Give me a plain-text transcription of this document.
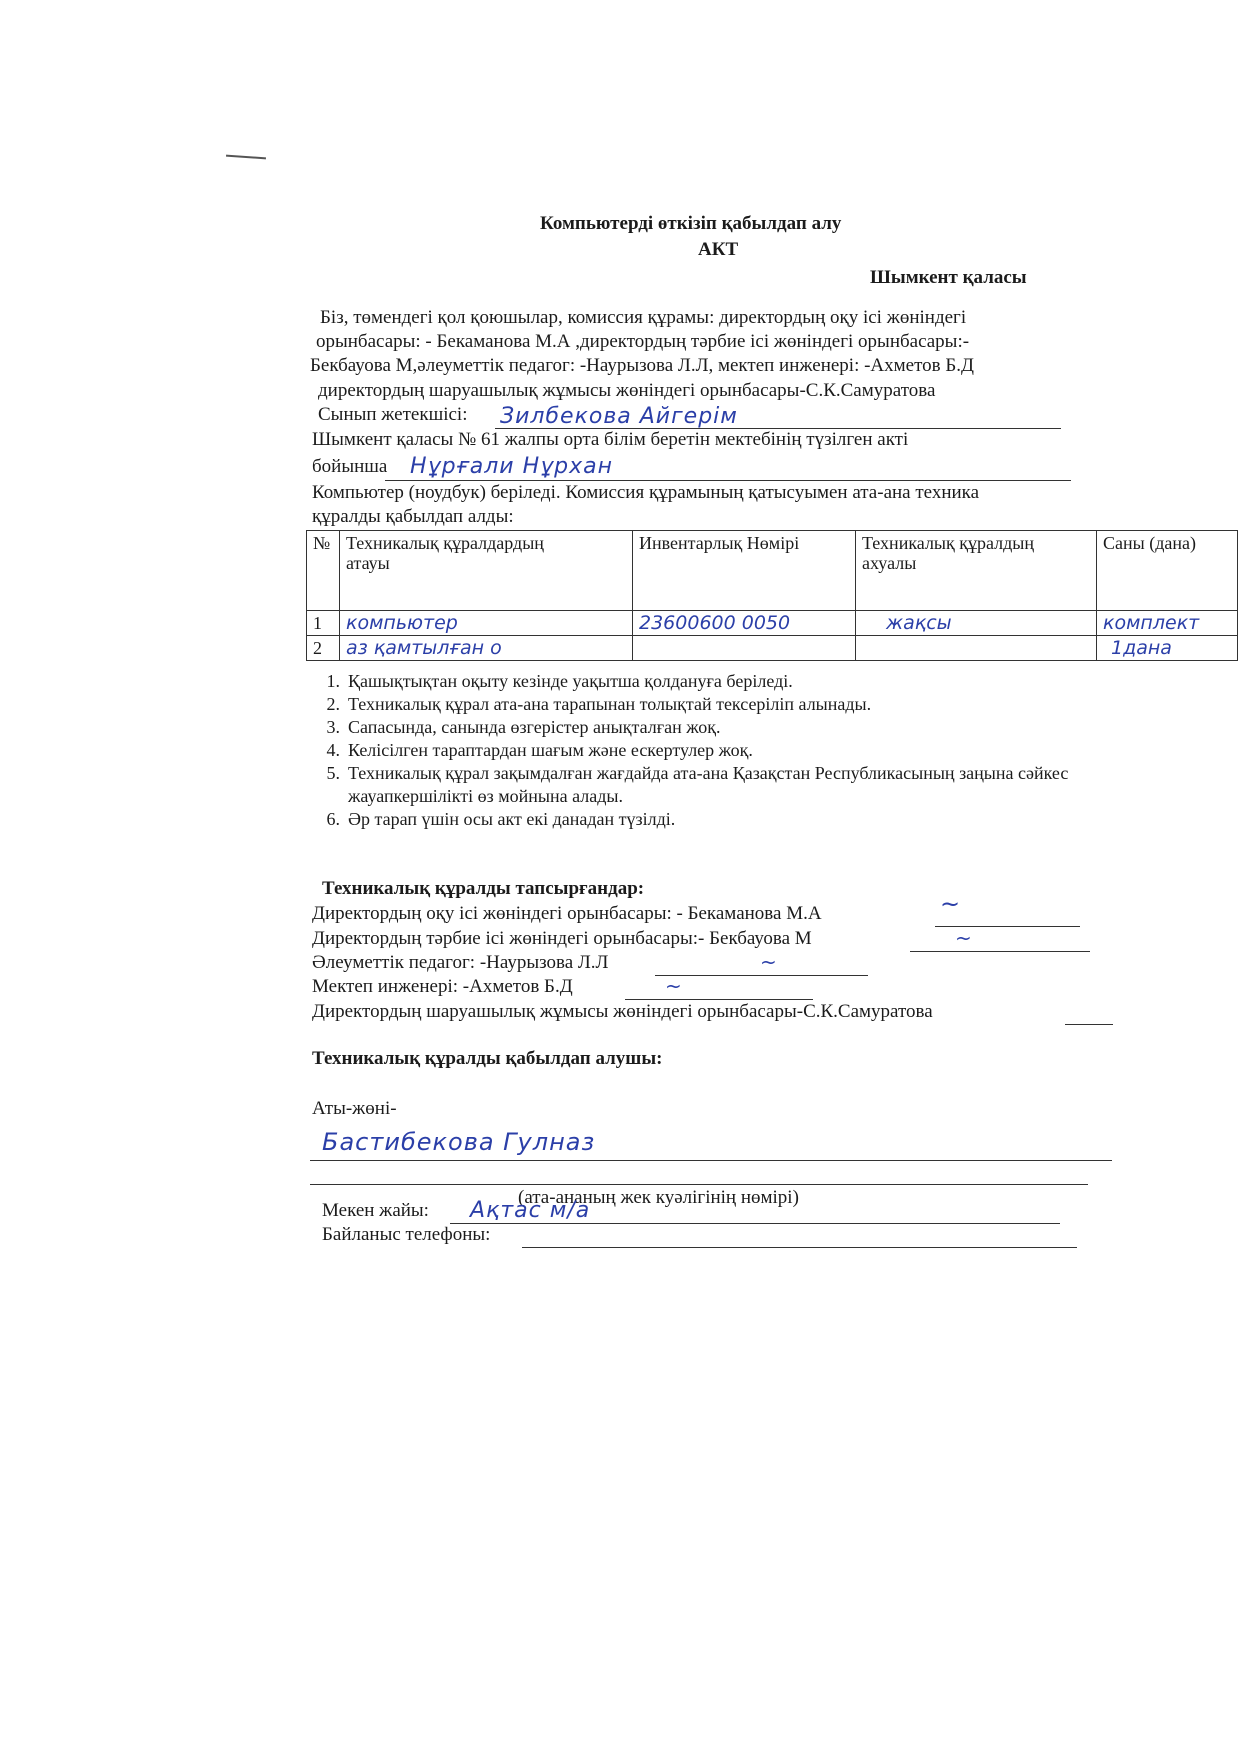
Компьютерді өткізіп қабылдап алу
АКТ
Шымкент қаласы
Біз, төмендегі қол қоюшылар, комиссия құрамы: директордың оқу ісі жөніндегі
орынбасары: - Бекаманова М.А ,директордың тәрбие ісі жөніндегі орынбасары:-
Бекбауова М,әлеуметтік педагог: -Наурызова Л.Л, мектеп инженері: -Ахметов Б.Д
директордың шаруашылық жұмысы жөніндегі орынбасары-С.К.Самуратова
Сынып жетекшісі: Зилбекова Айгерім
Шымкент қаласы № 61 жалпы орта білім беретін мектебінің түзілген акті
бойынша Нұрғали Нұрхан
Компьютер (ноудбук) беріледі. Комиссия құрамының қатысуымен ата-ана техника
құралды қабылдап алды:
№	Техникалық құралдардың атауы	Инвентарлық Нөмірі	Техникалық құралдың ахуалы	Саны (дана)
1	компьютер	23600600 0050	жақсы	комплект
2	аз қамтылған о			1дана
1. Қашықтықтан оқыту кезінде уақытша қолдануға беріледі.
2. Техникалық құрал ата-ана тарапынан толықтай тексеріліп алынады.
3. Сапасында, санында өзгерістер анықталған жоқ.
4. Келісілген тараптардан шағым және ескертулер жоқ.
5. Техникалық құрал зақымдалған жағдайда ата-ана Қазақстан Республикасының заңына сәйкес жауапкершілікті өз мойнына алады.
6. Әр тарап үшін осы акт екі данадан түзілді.
Техникалық құралды тапсырғандар:
Директордың оқу ісі жөніндегі орынбасары: - Бекаманова М.А	~
Директордың тәрбие ісі жөніндегі орынбасары:- Бекбауова М	~
Әлеуметтік педагог: -Наурызова Л.Л	~
Мектеп инженері: -Ахметов Б.Д	~
Директордың шаруашылық жұмысы жөніндегі орынбасары-С.К.Самуратова
Техникалық құралды қабылдап алушы:
Аты-жөні-
Бастибекова Гулназ
(ата-ананың жек куәлігінің нөмірі)
Мекен жайы: Ақтас м/а
Байланыс телефоны:
